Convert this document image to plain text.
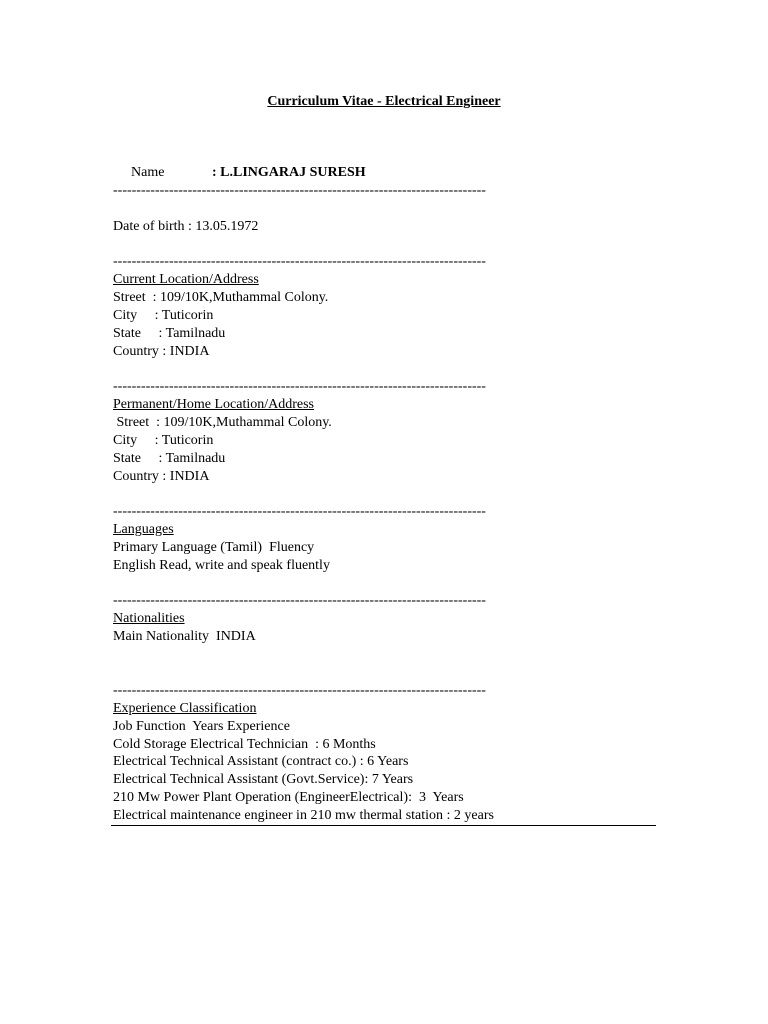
Curriculum Vitae - Electrical Engineer

Name	: L.LINGARAJ SURESH

--------------------------------------------------------------------------------
Date of birth : 13.05.1972
--------------------------------------------------------------------------------
Current Location/Address
Street  : 109/10K,Muthammal Colony.
City     : Tuticorin
State     : Tamilnadu
Country : INDIA
--------------------------------------------------------------------------------
Permanent/Home Location/Address
Street  : 109/10K,Muthammal Colony.
City     : Tuticorin
State     : Tamilnadu
Country : INDIA
--------------------------------------------------------------------------------
Languages
Primary Language (Tamil)  Fluency
English Read, write and speak fluently
--------------------------------------------------------------------------------
Nationalities
Main Nationality  INDIA
--------------------------------------------------------------------------------
Experience Classification
Job Function  Years Experience
Cold Storage Electrical Technician  : 6 Months
Electrical Technical Assistant (contract co.) : 6 Years
Electrical Technical Assistant (Govt.Service): 7 Years
210 Mw Power Plant Operation (EngineerElectrical):  3  Years
Electrical maintenance engineer in 210 mw thermal station : 2 years
